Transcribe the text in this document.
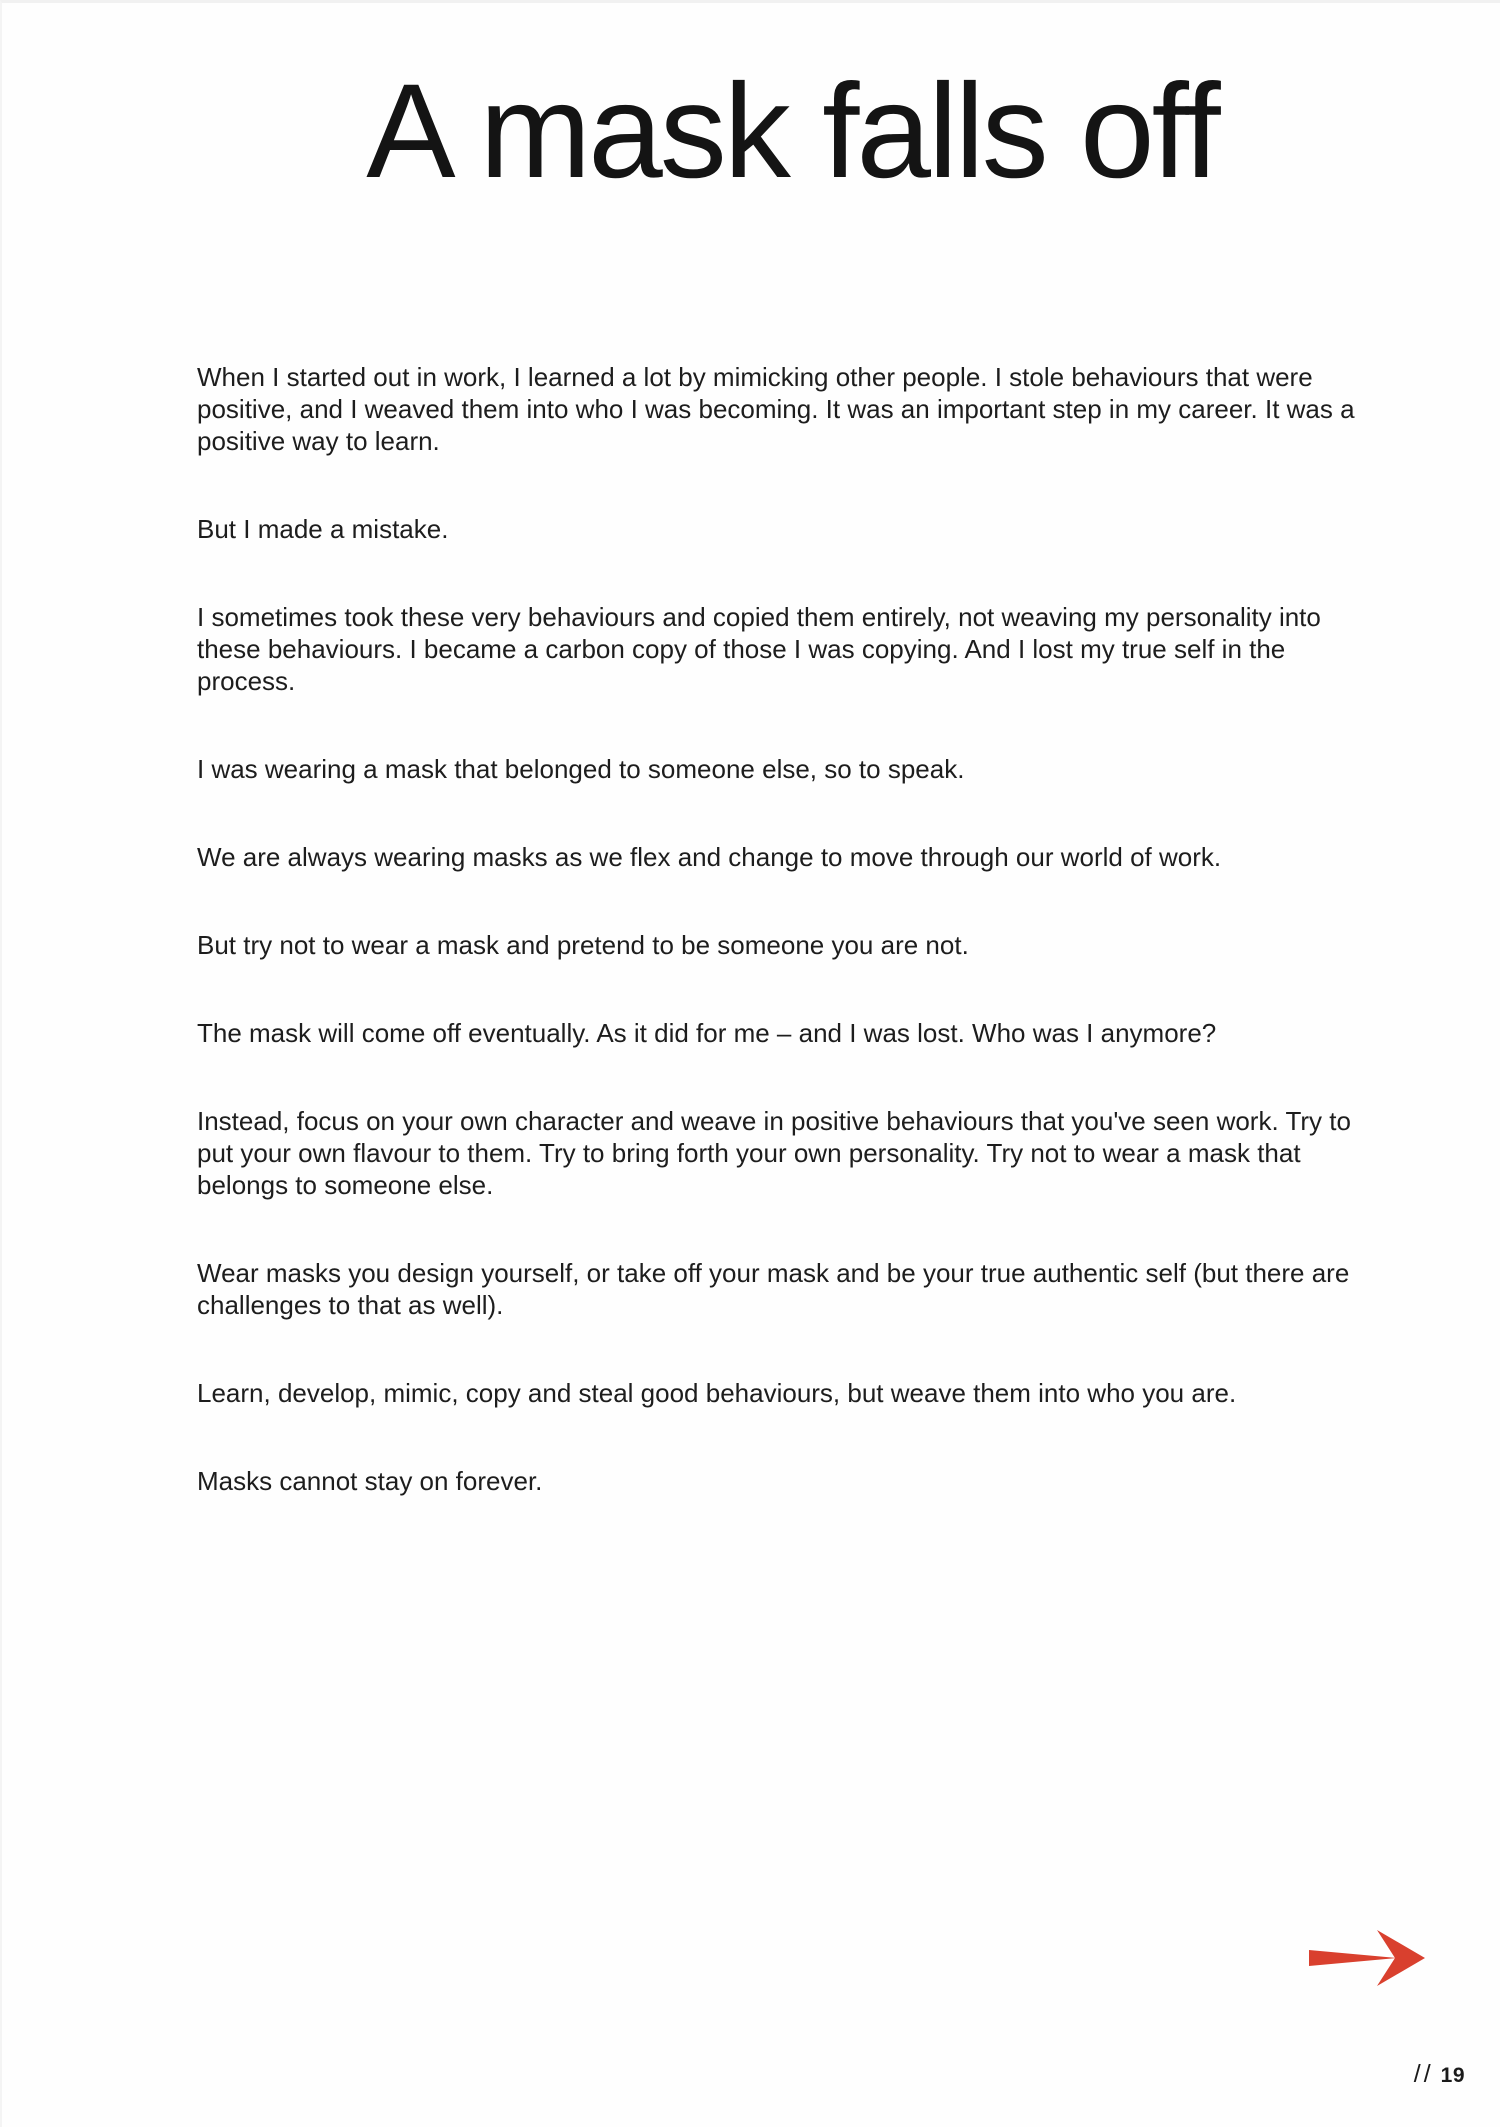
A mask falls off

When I started out in work, I learned a lot by mimicking other people. I stole behaviours that were positive, and I weaved them into who I was becoming. It was an important step in my career. It was a positive way to learn.

But I made a mistake.

I sometimes took these very behaviours and copied them entirely, not weaving my personality into these behaviours. I became a carbon copy of those I was copying. And I lost my true self in the process.

I was wearing a mask that belonged to someone else, so to speak.

We are always wearing masks as we flex and change to move through our world of work.

But try not to wear a mask and pretend to be someone you are not.

The mask will come off eventually. As it did for me – and I was lost. Who was I anymore?

Instead, focus on your own character and weave in positive behaviours that you've seen work. Try to put your own flavour to them. Try to bring forth your own personality. Try not to wear a mask that belongs to someone else.

Wear masks you design yourself, or take off your mask and be your true authentic self (but there are challenges to that as well).

Learn, develop, mimic, copy and steal good behaviours, but weave them into who you are.

Masks cannot stay on forever.

// 19
